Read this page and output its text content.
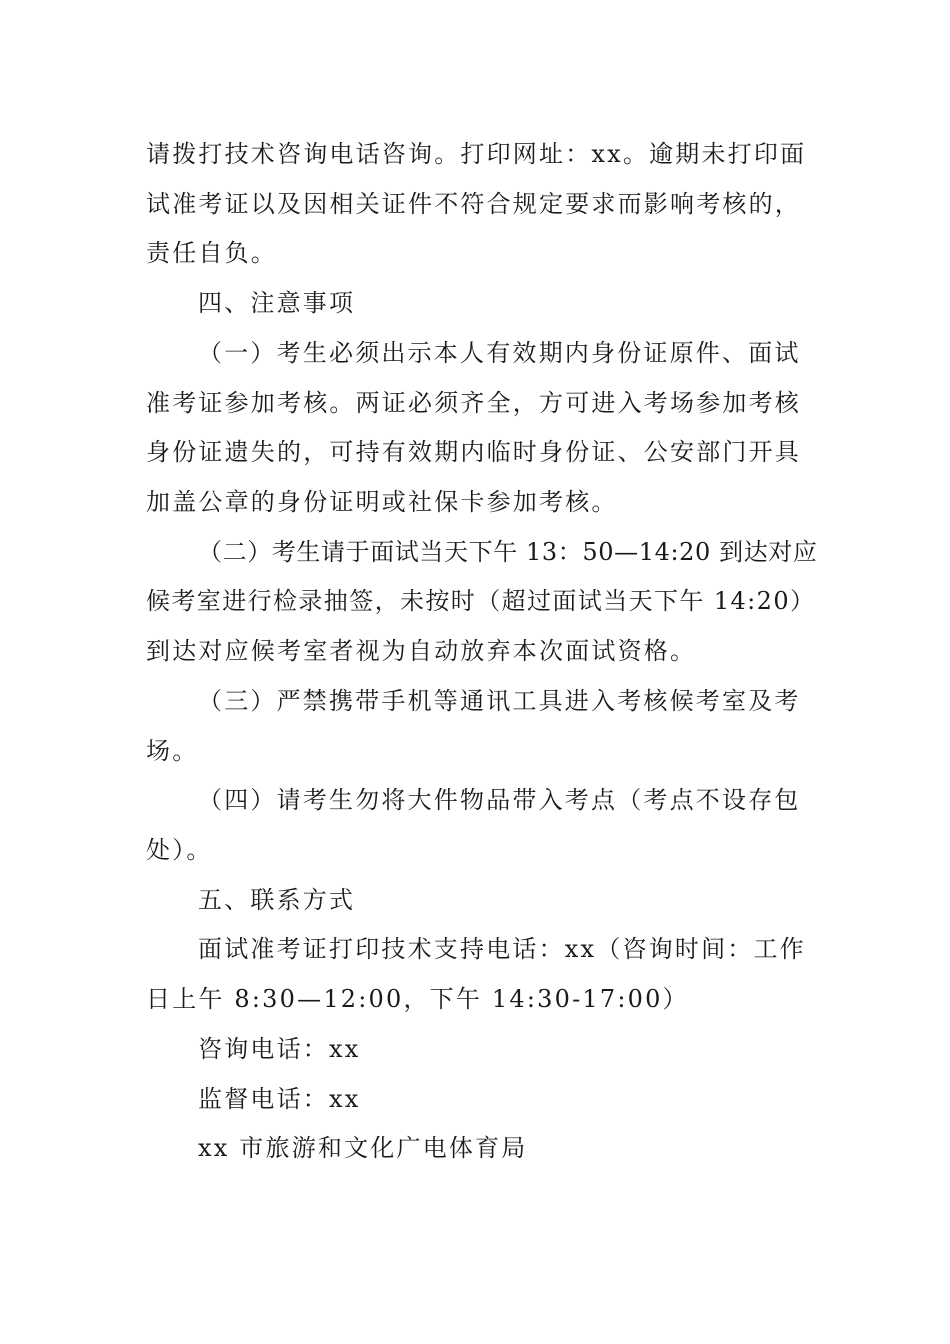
请拨打技术咨询电话咨询。打印网址：xx。逾期未打印面
试准考证以及因相关证件不符合规定要求而影响考核的，
责任自负。
四、注意事项
（一）考生必须出示本人有效期内身份证原件、面试
准考证参加考核。两证必须齐全，方可进入考场参加考核
身份证遗失的，可持有效期内临时身份证、公安部门开具
加盖公章的身份证明或社保卡参加考核。
（二）考生请于面试当天下午 13：50—14:20 到达对应
候考室进行检录抽签，未按时（超过面试当天下午 14:20）
到达对应候考室者视为自动放弃本次面试资格。
（三）严禁携带手机等通讯工具进入考核候考室及考
场。
（四）请考生勿将大件物品带入考点（考点不设存包
处）。
五、联系方式
面试准考证打印技术支持电话：xx（咨询时间：工作
日上午 8:30—12:00，下午 14:30-17:00）
咨询电话：xx
监督电话：xx
xx 市旅游和文化广电体育局
